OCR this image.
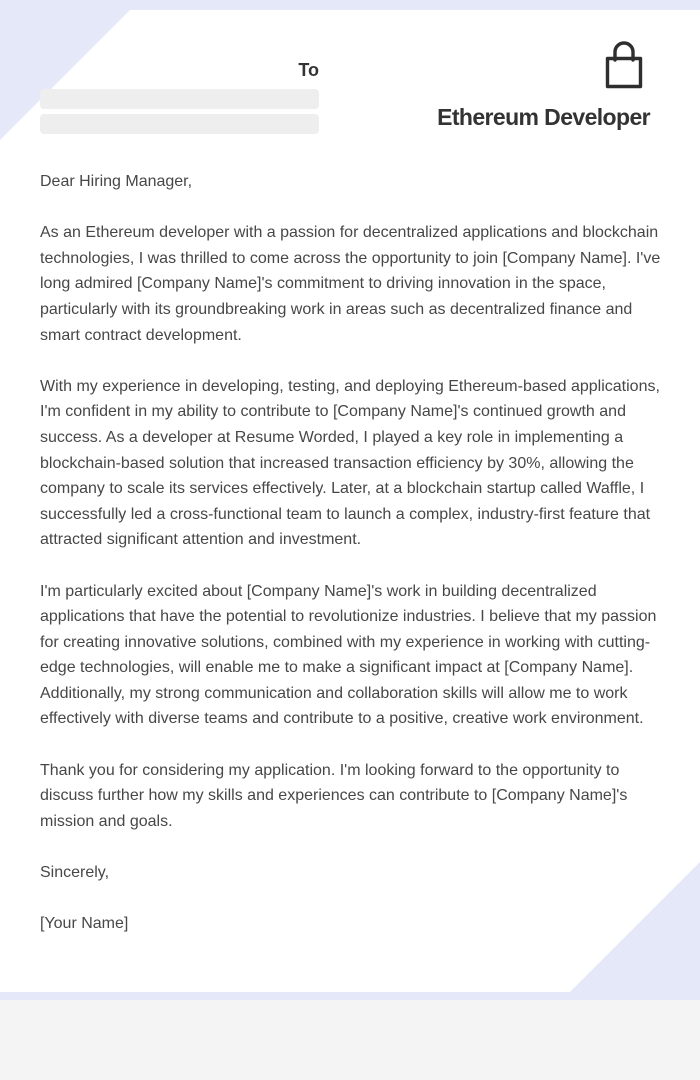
To
Ethereum Developer

Dear Hiring Manager,

As an Ethereum developer with a passion for decentralized applications and blockchain technologies, I was thrilled to come across the opportunity to join [Company Name]. I've long admired [Company Name]'s commitment to driving innovation in the space, particularly with its groundbreaking work in areas such as decentralized finance and smart contract development.

With my experience in developing, testing, and deploying Ethereum-based applications, I'm confident in my ability to contribute to [Company Name]'s continued growth and success. As a developer at Resume Worded, I played a key role in implementing a blockchain-based solution that increased transaction efficiency by 30%, allowing the company to scale its services effectively. Later, at a blockchain startup called Waffle, I successfully led a cross-functional team to launch a complex, industry-first feature that attracted significant attention and investment.

I'm particularly excited about [Company Name]'s work in building decentralized applications that have the potential to revolutionize industries. I believe that my passion for creating innovative solutions, combined with my experience in working with cutting-edge technologies, will enable me to make a significant impact at [Company Name]. Additionally, my strong communication and collaboration skills will allow me to work effectively with diverse teams and contribute to a positive, creative work environment.

Thank you for considering my application. I'm looking forward to the opportunity to discuss further how my skills and experiences can contribute to [Company Name]'s mission and goals.

Sincerely,

[Your Name]
